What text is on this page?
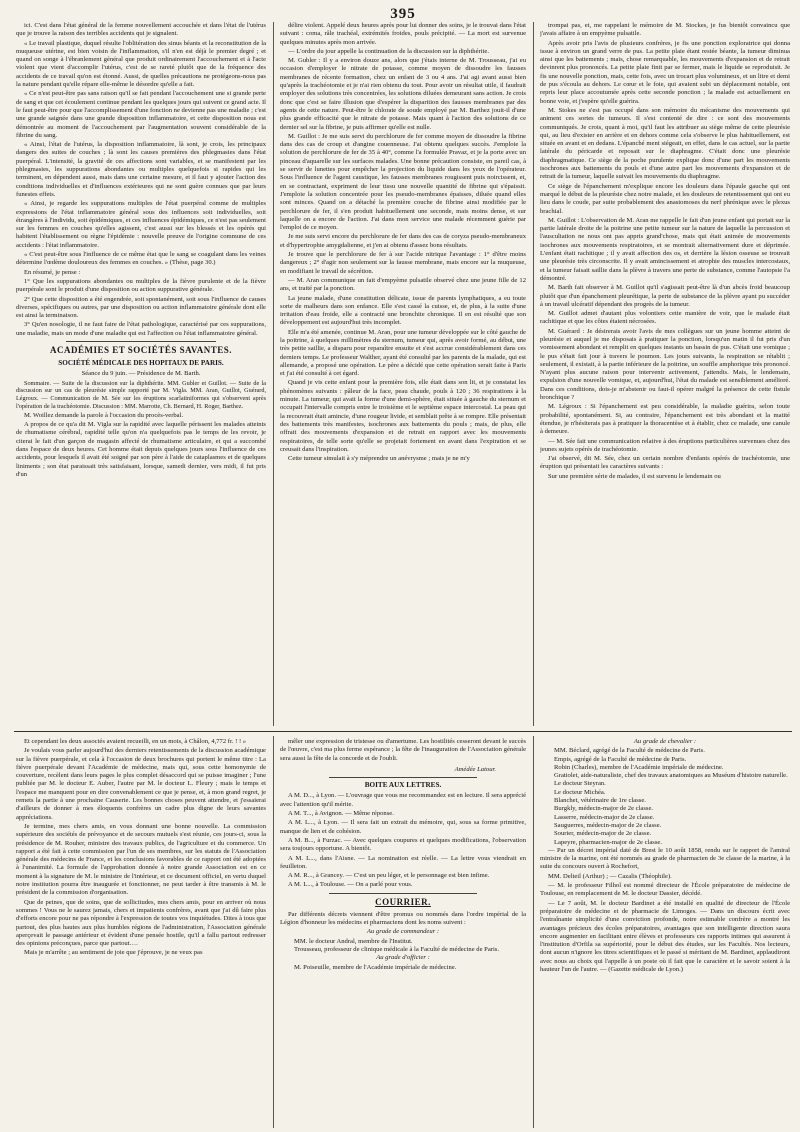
395

ici. C'est dans l'état général de la femme nouvellement accouchée et dans l'état de l'utérus que je trouve la raison des terribles accidents qui je signalent.

« Le travail plastique, duquel résulte l'oblitération des sinus béants et la reconstitution de la muqueuse utérine, est bien voisin de l'inflammation, s'il n'en est déjà le premier degré ; et quand on songe à l'ébranlement général que produit ordinairement l'accouchement et à l'acte violent que vient d'accomplir l'utérus, c'est de se rareté plutôt que de la fréquence des accidents de ce travail qu'on est étonné. Aussi, de quelles précautions ne protégeons-nous pas la nature pendant qu'elle répare elle-même le désordre qu'elle a fait.

« Ce n'est peut-être pas sans raison qu'il se fait pendant l'accouchement une si grande perte de sang et que cet écoulement continue pendant les quelques jours qui suivent ce grand acte. Il le faut peut-être pour que l'accomplissement d'une fonction ne devienne pas une maladie ; c'est une grande saignée dans une grande disposition inflammatoire, et cette disposition nous est démontrée au moment de l'accouchement par l'augmentation souvent considérable de la fibrine du sang.

« Ainsi, l'état de l'utérus, la disposition inflammatoire, là sont, je crois, les principaux dangers des suites de couches ; là sont les causes premières des phlegmasies dans l'état puerpéral. L'intensité, la gravité de ces affections sont variables, et se manifestent par les phlegmasies, les suppurations abondantes ou multiples quelquefois si rapides qui les terminent, en dépendent aussi, mais dans une certaine mesure, et il faut y ajouter l'action des conditions individuelles et d'influences extérieures qui ne sont guère connues que par leurs funestes effets.

« Ainsi, je regarde les suppurations multiples de l'état puerpéral comme de multiples expressions de l'état inflammatoire général sous des influences soit individuelles, soit étrangères à l'individu, soit épidémiques, et ces influences épidémiques, ce n'est pas seulement sur les femmes en couches qu'elles agissent, c'est aussi sur les blessés et les opérés qui habitent l'établissement ou règne l'épidémie : nouvelle preuve de l'origine commune de ces accidents : l'état inflammatoire.

« C'est peut-être sous l'influence de ce même état que le sang se coagulant dans les veines détermine l'œdème douloureux des femmes en couches. » (Thèse, page 30.)

En résumé, je pense :

1° Que les suppurations abondantes ou multiples de la fièvre purulente et de la fièvre puerpérale sont le produit d'une disposition ou action suppurative générale.

2° Que cette disposition a été engendrée, soit spontanément, soit sous l'influence de causes diverses, spécifiques ou autres, par une disposition ou action inflammatoire générale dont elle est ainsi la terminaison.

3° Qu'en nosologie, il ne faut faire de l'état pathologique, caractérisé par ces suppurations, une maladie, mais un mode d'une maladie qui est l'affection ou l'état inflammatoire général.

ACADÉMIES ET SOCIÉTÉS SAVANTES.

SOCIÉTÉ MÉDICALE DES HOPITAUX DE PARIS.

Séance du 9 juin. — Présidence de M. Barth.

Sommaire. — Suite de la discussion sur la diphthérite. MM. Gubler et Guillot. — Suite de la discussion sur un cas de pleurésie simple rapporté par M. Vigla. MM. Aran, Guillot, Guérard, Légroux. — Communication de M. Sée sur les éruptions scarlatiniformes qui s'observent après l'opération de la trachéotomie. Discussion : MM. Marrotte, Ch. Bernard, H. Roger, Barthez.

M. Woillez demande la parole à l'occasion du procès-verbal.

A propos de ce qu'a dit M. Vigla sur la rapidité avec laquelle périssent les malades atteints de rhumatisme cérébral, rapidité telle qu'on n'a quelquefois pas le temps de les revoir, je citerai le fait d'un garçon de magasin affecté de rhumatisme articulaire, et qui a succombé dans l'espace de deux heures. Cet homme était depuis quelques jours sous l'influence de ces accidents, pour lesquels il avait été soigné par son père à l'aide de cataplasmes et de quelques liniments ; son état paraissait très satisfaisant, lorsque, samedi dernier, vers midi, il fut pris d'un

délire violent. Appelé deux heures après pour lui donner des soins, je le trouvai dans l'état suivant : coma, râle trachéal, extrémités froides, pouls précipité. — La mort est survenue quelques minutes après mon arrivée.

— L'ordre du jour appelle la continuation de la discussion sur la diphthérite.

M. Gubler : Il y a environ douze ans, alors que j'étais interne de M. Trousseau, j'ai eu occasion d'employer le nitrate de potasse, comme moyen de dissoudre les fausses membranes de récente formation, chez un enfant de 3 ou 4 ans. J'ai agi avant aussi bien qu'après la trachéotomie et je n'ai rien obtenu du tout. Pour avoir un résultat utile, il faudrait employer des solutions très concentrées, les solutions diluées demeurant sans action. Je crois donc que c'est se faire illusion que d'espérer la disparition des fausses membranes par des agents de cette nature. Peut-être le chlorate de soude employé par M. Barthez jouit-il d'une plus grande efficacité que le nitrate de potasse. Mais quant à l'action des solutions de ce dernier sel sur la fibrine, je puis affirmer qu'elle est nulle.

M. Guillot : Je me suis servi du perchlorure de fer comme moyen de dissoudre la fibrine dans des cas de croup et d'angine couenneuse. J'ai obtenu quelques succès. J'emploie la solution de perchlorure de fer de 35 à 40°, comme l'a formulée Pravaz, et je la porte avec un pinceau d'aquarelle sur les surfaces malades. Une bonne précaution consiste, en pareil cas, à se servir de lunettes pour empêcher la projection du liquide dans les yeux de l'opérateur. Sous l'influence de l'agent caustique, les fausses membranes rougissent puis noircissent, et, en se contractant, expriment de leur tissu une nouvelle quantité de fibrine qui s'épaissit. J'emploie la solution concentrée pour les pseudo-membranes épaisses, diluée quand elles sont minces. Quand on a détaché la première couche de fibrine ainsi modifiée par le perchlorure de fer, il s'en produit habituellement une seconde, mais moins dense, et sur laquelle on a encore de l'action. J'ai dans mon service une malade récemment guérie par l'emploi de ce moyen.

Je me suis servi encore du perchlorure de fer dans des cas de coryza pseudo-membraneux et d'hypertrophie amygdalienne, et j'en ai obtenu d'assez bons résultats.

Je trouve que le perchlorure de fer à sur l'acide nitrique l'avantage : 1° d'être moins dangereux ; 2° d'agir non seulement sur la fausse membrane, mais encore sur la muqueuse, en modifiant le travail de sécrétion.

— M. Aran communique un fait d'empyème pulsatile observé chez une jeune fille de 12 ans, et traité par la ponction.

La jeune malade, d'une constitution délicate, issue de parents lymphatiques, a eu toute sorte de malheurs dans son enfance. Elle s'est cassé la cuisse, et, de plus, à la suite d'une irritation d'eau froide, elle a contracté une bronchite chronique. Il en est résulté que son développement est aujourd'hui très incomplet.

Elle m'a été amenée, continue M. Aran, pour une tumeur développée sur le côté gauche de la poitrine, à quelques millimètres du sternum, tumeur qui, après avoir formé, au début, une très petite saillie, a disparu pour reparaître ensuite et s'est accrue considérablement dans ces derniers temps. Le professeur Walther, ayant été consulté par les parents de la malade, qui est allemande, a proposé une opération. Le père a décidé que cette opération serait faite à Paris et j'ai été consulté à cet égard.

Quand je vis cette enfant pour la première fois, elle était dans son lit, et je constatai les phénomènes suivants : pâleur de la face, peau chaude, pouls à 120 ; 36 respirations à la minute. La tumeur, qui avait la forme d'une demi-sphère, était située à gauche du sternum et occupait l'intervalle compris entre le troisième et le septième espace intercostal. La peau qui la recouvrait était amincie, d'une rougeur livide, et semblait prête à se rompre. Elle présentait des battements très manifestes, isochrones aux battements du pouls ; mais, de plus, elle offrait des mouvements d'expansion et de retrait en rapport avec les mouvements respiratoires, de telle sorte qu'elle se projetait fortement en avant dans l'expiration et se creusait dans l'inspiration.

Cette tumeur simulait à s'y méprendre un anévrysme ; mais je ne m'y

trompai pas, et, me rappelant le mémoire de M. Stockes, je fus bientôt convaincu que j'avais affaire à un empyème pulsatile.

Après avoir pris l'avis de plusieurs confrères, je fis une ponction exploratrice qui donna issue à environ un grand verre de pus. La petite plaie étant restée béante, la tumeur diminua ainsi que les battements ; mais, chose remarquable, les mouvements d'expansion et de retrait devinrent plus prononcés. La petite plaie finit par se fermer, mais le liquide se reproduisit. Je fis une nouvelle ponction, mais, cette fois, avec un trocart plus volumineux, et un litre et demi de pus s'écoula au dehors. Le cœur et le foie, qui avaient subi un déplacement notable, ont repris leur place accoutumée après cette seconde ponction ; la malade est actuellement en bonne voie, et j'espère qu'elle guérira.

M. Stokes ne s'est pas occupé dans son mémoire du mécanisme des mouvements qui animent ces sortes de tumeurs. Il s'est contenté de dire : ce sont des mouvements communiqués. Je crois, quant à moi, qu'il faut les attribuer au siège même de cette pleurésie qui, au lieu d'exister en arrière et en dehors comme cela s'observe le plus habituellement, est située en avant et en dedans. L'épanché ment siégeait, en effet, dans le cas actuel, sur la partie latérale du péricarde et reposait sur le diaphragme. C'était donc une pleurésie diaphragmatique. Ce siège de la poche purulente explique donc d'une part les mouvements isochrones aux battements du pouls et d'une autre part les mouvements d'expansion et de retrait de la tumeur, laquelle suivait les mouvements du diaphragme.

Ce siège de l'épanchement m'explique encore les douleurs dans l'épaule gauche qui ont marqué le début de la pleurésie chez notre malade, et les douleurs de retentissement qui ont eu lieu dans le coude, par suite probablement des anastomoses du nerf phrénique avec le plexus brachial.

M. Guillot : L'observation de M. Aran me rappelle le fait d'un jeune enfant qui portait sur la partie latérale droite de la poitrine une petite tumeur sur la nature de laquelle la percussion et l'auscultation ne nous ont pas appris grand'chose, mais qui était animée de mouvements isochrones aux mouvements respiratoires, et se montrait alternativement dure et déprimée. L'enfant était rachitique ; il y avait affection des os, et derrière la lésion osseuse se trouvait une pleurésie très circonscrite. Il y avait amincissement et atrophie des muscles intercostaux, et la tumeur faisait saillie dans la plèvre à travers une perte de substance, comme l'autopsie l'a démontré.

M. Barth fait observer à M. Guillot qu'il s'agissait peut-être là d'un abcès froid beaucoup plutôt que d'un épanchement pleurétique, la perte de substance de la plèvre ayant pu succéder à un travail ulcératif dépendant des progrès de la tumeur.

M. Guillot admet d'autant plus volontiers cette manière de voir, que le malade était rachitique et que les côtes étaient nécrosées.

M. Guérard : Je désirerais avoir l'avis de mes collègues sur un jeune homme atteint de pleurésie et auquel je me disposais à pratiquer la ponction, lorsqu'un matin il fut pris d'un vomissement abondant et remplit en quelques instants un bassin de pus. C'était une vomique ; le pus s'était fait jour à travers le poumon. Les jours suivants, la respiration se rétablit ; seulement, il existait, à la partie inférieure de la poitrine, un souffle amphorique très prononcé. N'ayant plus aucune raison pour intervenir activement, j'attendis. Mais, le lendemain, expulsion d'une nouvelle vomique, et, aujourd'hui, l'état du malade est sensiblement amélioré. Dans ces conditions, dois-je m'abstenir ou faut-il opérer malgré la présence de cette fistule bronchique ?

M. Légroux : Si l'épanchement est peu considérable, la maladie guérira, selon toute probabilité, spontanément. Si, au contraire, l'épanchement est très abondant et la matité étendue, je n'hésiterais pas à pratiquer la thoracentèse et à établir, chez ce malade, une canule à demeure.

— M. Sée fait une communication relative à des éruptions particulières survenues chez des jeunes sujets opérés de trachéotomie.

J'ai observé, dit M. Sée, chez un certain nombre d'enfants opérés de trachéotomie, une éruption qui présentait les caractères suivants :

Sur une première série de malades, il est survenu le lendemain ou

Et cependant les deux associés avaient recueilli, en un mois, à Châlon, 4,772 fr. ! ! »

Je voulais vous parler aujourd'hui des derniers retentissements de la discussion académique sur la fièvre puerpérale, et cela à l'occasion de deux brochures qui portent le même titre : La fièvre puerpérale devant l'Académie de médecine, mais qui, sous cette homonymie de couverture, recèlent dans leurs pages le plus complet désaccord qui se puisse imaginer ; l'une publiée par M. le docteur E. Auber, l'autre par M. le docteur L. Fleury ; mais le temps et l'espace me manquent pour en dire convenablement ce que je pense, et, à mon grand regret, je remets la partie à une prochaine Causerie. Les bonnes choses peuvent attendre, et j'essaierai d'ailleurs de donner à mes éloquents confrères un cadre plus digne de leurs savantes appréciations.

Je termine, mes chers amis, en vous donnant une bonne nouvelle. La commission supérieure des sociétés de prévoyance et de secours mutuels s'est réunie, ces jours-ci, sous la présidence de M. Rouher, ministre des travaux publics, de l'agriculture et du commerce. Un rapport a été fait à cette commission par l'un de ses membres, sur les statuts de l'Association générale des médecins de France, et les conclusions favorables de ce rapport ont été adoptées à l'unanimité. La formule de l'approbation donnée à notre grande Association est en ce moment à la signature de M. le ministre de l'intérieur, et ce document officiel, en vertu duquel notre institution pourra être inaugurée et fonctionner, ne peut tarder à être transmis à M. le président de la commission d'organisation.

Que de peines, que de soins, que de sollicitudes, mes chers amis, pour en arriver où nous sommes ! Vous ne le saurez jamais, chers et impatients confrères, avant que j'ai dû faire plus d'efforts encore pour ne pas répondre à l'expression de toutes vos inquiétudes. Dites à tous que partout, des plus hautes aux plus humbles régions de l'administration, l'Association générale aperçevait le passage antérieur et évident d'une pensée hostile, qu'il a fallu partout redresser des opinions préconçues, parce que partout….

Mais je m'arrête ; au sentiment de joie que j'éprouve, je ne veux pas

mêler une expression de tristesse ou d'amertume. Les hostilités cesseront devant le succès de l'œuvre, c'est ma plus ferme espérance ; la fête de l'inauguration de l'Association générale sera aussi la fête de la concorde et de l'oubli.

Amédée Latour.

BOITE AUX LETTRES.

A M. D..., à Lyon. — L'ouvrage que vous me recommandez est en lecture. Il sera apprécié avec l'attention qu'il mérite.

A M. T..., à Avignon. — Même réponse.

A M. L..., à Lyon. — Il sera fait un extrait du mémoire, qui, sous sa forme primitive, manque de lien et de cohésion.

A M. B..., à Furzac. — Avec quelques coupures et quelques modifications, l'observation sera toujours opportune. A bientôt.

A M. L..., dans l'Aisne. — La nomination est réelle. — La lettre vous viendrait en feuilleton.

A M. R..., à Grancey. — C'est un peu léger, et le personnage est bien infime.

A M. L..., à Toulouse. — On a parlé pour vous.

COURRIER.

Par différents décrets viennent d'être promus ou nommés dans l'ordre impérial de la Légion d'honneur les médecins et pharmaciens dont les noms suivent :

Au grade de commandeur :

MM. le docteur Andral, membre de l'Institut.
Trousseau, professeur de clinique médicale à la Faculté de médecine de Paris.

Au grade d'officier :

M. Poiseuille, membre de l'Académie impériale de médecine.

Au grade de chevalier :

MM. Béclard, agrégé de la Faculté de médecine de Paris.
Empis, agrégé de la Faculté de médecine de Paris.
Robin (Charles), membre de l'Académie impériale de médecine.
Gratiolet, aide-naturaliste, chef des travaux anatomiques au Muséum d'histoire naturelle.
Le docteur Steyran.
Le docteur Michéa.
Blanchet, vétérinaire de 1re classe.
Burgkly, médecin-major de 2e classe.
Lasserre, médecin-major de 2e classe.
Sauguerres, médecin-major de 2e classe.
Sourier, médecin-major de 2e classe.
Lapeyre, pharmacien-major de 2e classe.

— Par un décret impérial daté de Brest le 10 août 1858, rendu sur le rapport de l'amiral ministre de la marine, ont été nommés au grade de pharmacien de 3e classe de la marine, à la suite du concours ouvert à Rochefort,

MM. Delteil (Arthur) ; — Cazalis (Théophile).

— M. le professeur Filhol est nommé directeur de l'École préparatoire de médecine de Toulouse, en remplacement de M. le docteur Dassier, décédé.

— Le 7 août, M. le docteur Bardinet a été installé en qualité de directeur de l'École préparatoire de médecine et de pharmacie de Limoges. — Dans un discours écrit avec l'entraînante simplicité d'une conviction profonde, notre estimable confrère a montré les avantages précieux des écoles préparatoires, avantages que son intelligente direction saura encore augmenter en facilitant entre élèves et professeurs ces rapports intimes qui assurent à l'institution d'Orfila sa supériorité, pour le début des études, sur les Facultés. Nos lecteurs, dont aucun n'ignore les titres scientifiques et le passé si méritant de M. Bardinet, applaudiront avec nous au choix qui l'appelle à un poste où il fait que le caractère et le savoir soient à la hauteur l'un de l'autre. — (Gazette médicale de Lyon.)
